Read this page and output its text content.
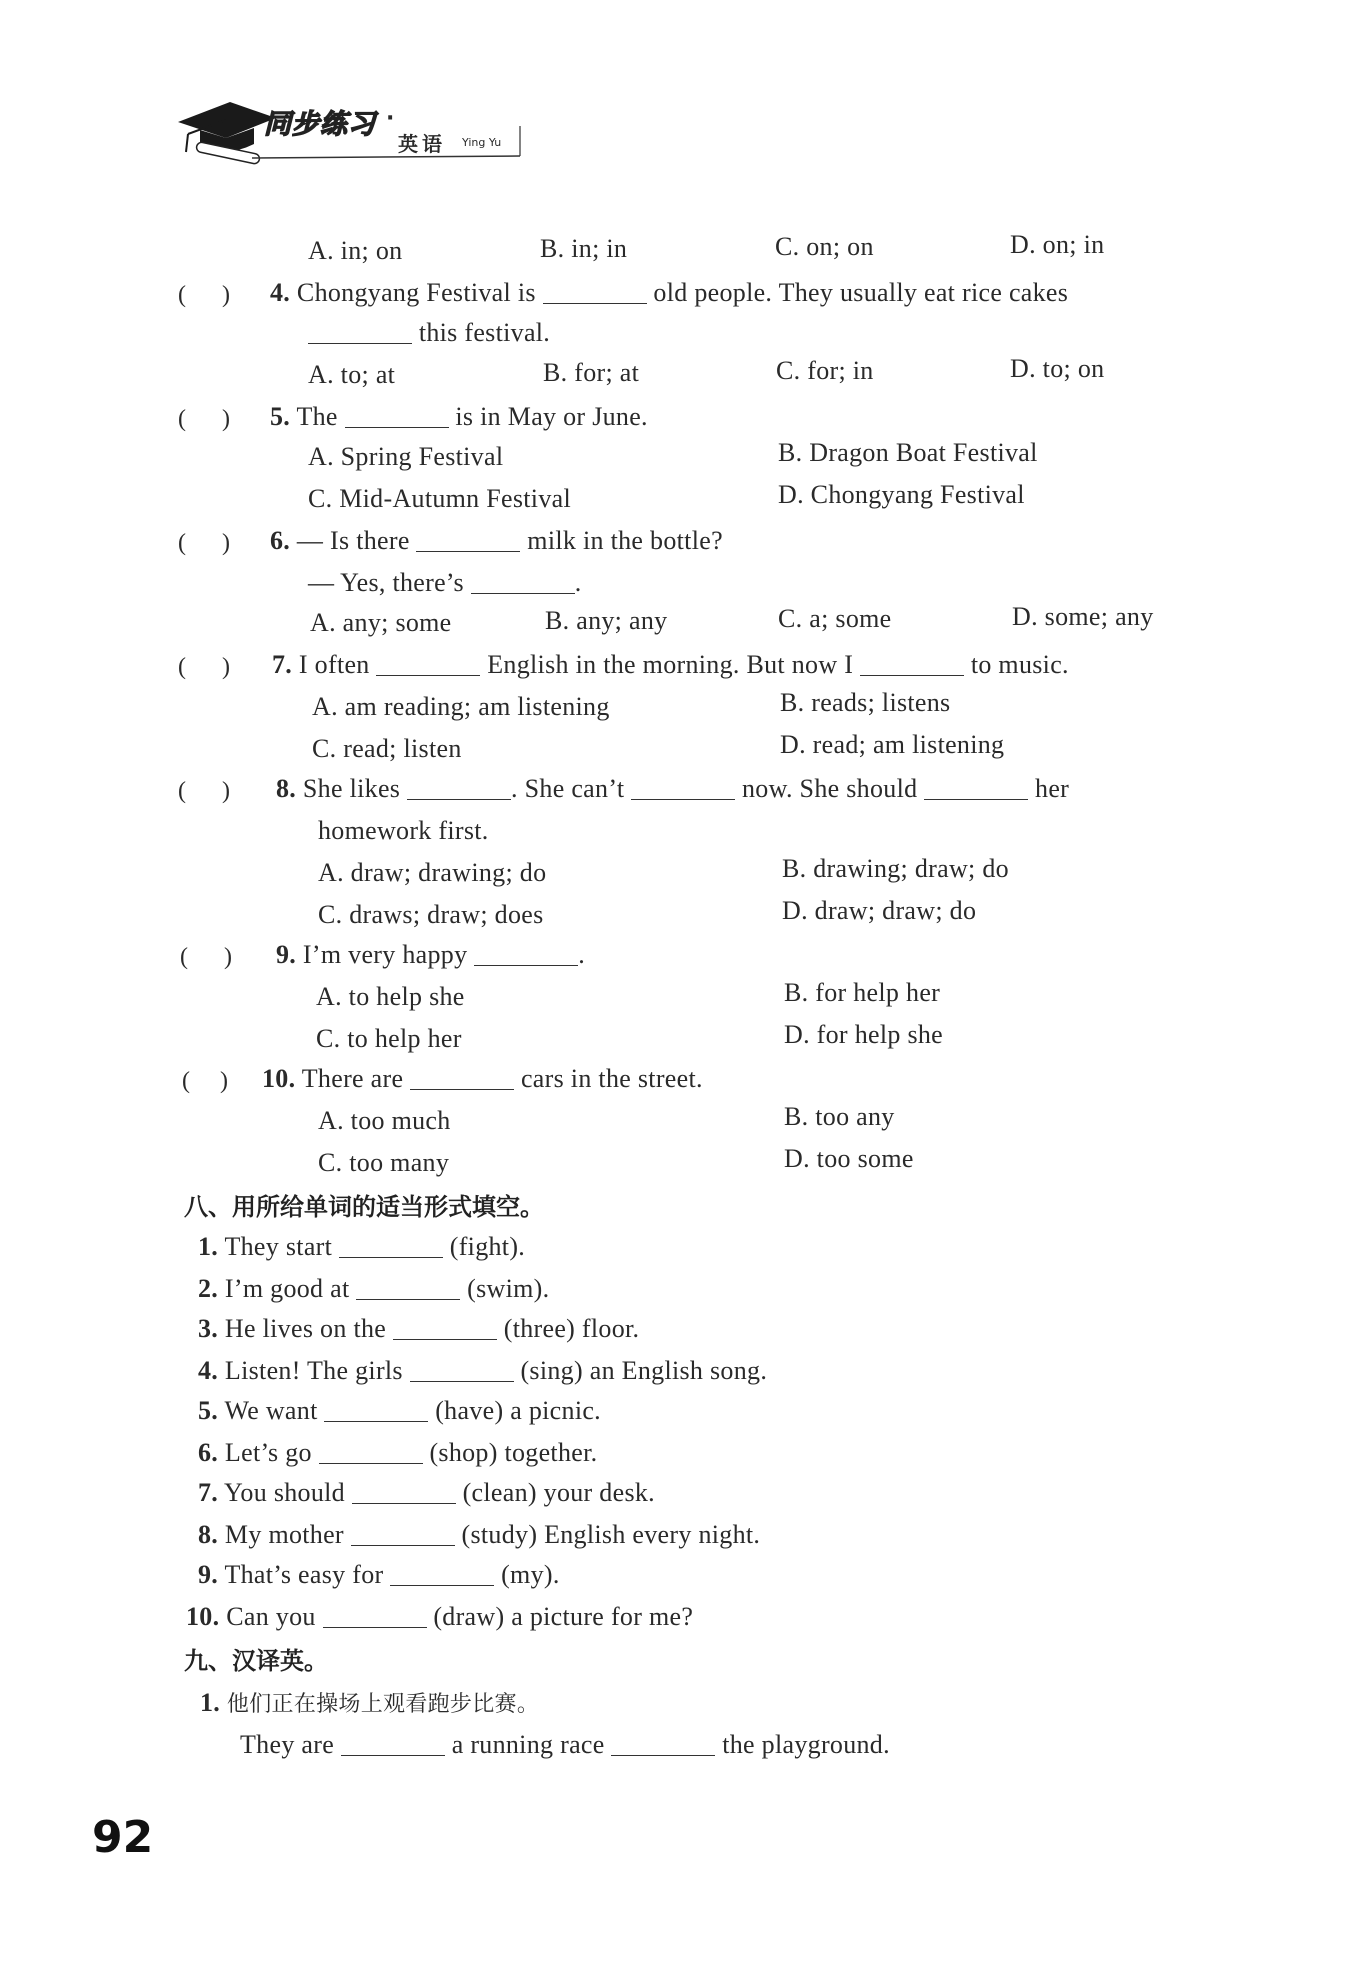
同步练习 ·
英语 Ying Yu
A. in; on	B. in; in	C. on; on	D. on; in
(      ) 4. Chongyang Festival is	old people. They usually eat rice cakes
this festival.
A. to; at	B. for; at	C. for; in	D. to; on
(      ) 5. The	is in May or June.
A. Spring Festival	B. Dragon Boat Festival
C. Mid-Autumn Festival	D. Chongyang Festival
(      ) 6. — Is there	milk in the bottle?
— Yes, there’s	.
A. any; some	B. any; any	C. a; some	D. some; any
(      ) 7. I often	English in the morning. But now I	to music.
A. am reading; am listening	B. reads; listens
C. read; listen	D. read; am listening
(      ) 8. She likes	. She can’t	now. She should	her
homework first.
A. draw; drawing; do	B. drawing; draw; do
C. draws; draw; does	D. draw; draw; do
(      ) 9. I’m very happy	.
A. to help she	B. for help her
C. to help her	D. for help she
(     ) 10. There are	cars in the street.
A. too much	B. too any
C. too many	D. too some
八、用所给单词的适当形式填空。
1. They start	(fight).
2. I’m good at	(swim).
3. He lives on the	(three) floor.
4. Listen! The girls	(sing) an English song.
5. We want	(have) a picnic.
6. Let’s go	(shop) together.
7. You should	(clean) your desk.
8. My mother	(study) English every night.
9. That’s easy for	(my).
10. Can you	(draw) a picture for me?
九、汉译英。
1. 他们正在操场上观看跑步比赛。
They are	a running race	the playground.
92
